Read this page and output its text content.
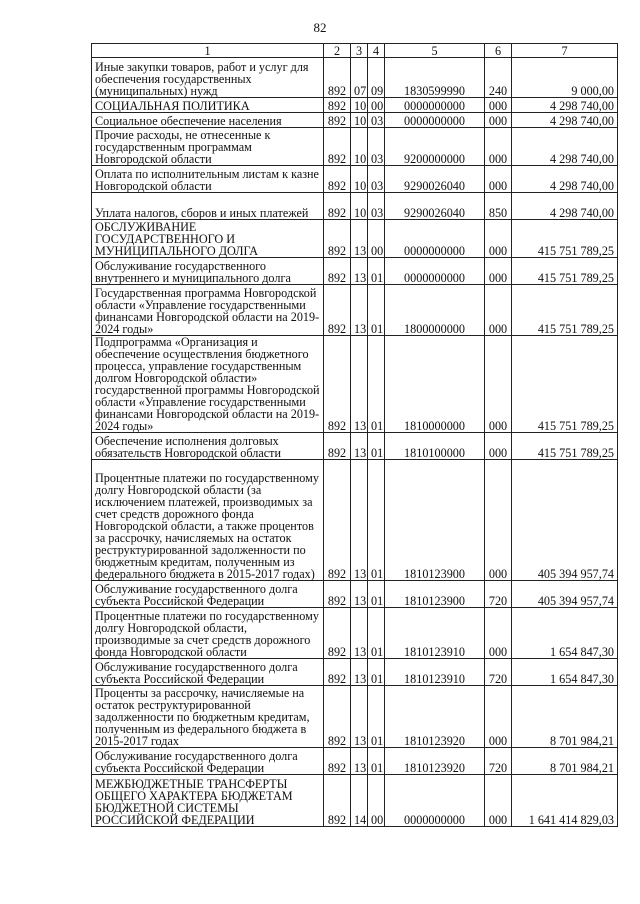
82
1	2	3	4	5	6	7
Иные закупки товаров, работ и услуг для обеспечения государственных (муниципальных) нужд	892	07	09	1830599990	240	9 000,00
СОЦИАЛЬНАЯ ПОЛИТИКА	892	10	00	0000000000	000	4 298 740,00
Социальное обеспечение населения	892	10	03	0000000000	000	4 298 740,00
Прочие расходы, не отнесенные к государственным программам Новгородской области	892	10	03	9200000000	000	4 298 740,00
Оплата по исполнительным листам к казне Новгородской области	892	10	03	9290026040	000	4 298 740,00
Уплата налогов, сборов и иных платежей	892	10	03	9290026040	850	4 298 740,00
ОБСЛУЖИВАНИЕ ГОСУДАРСТВЕННОГО И МУНИЦИПАЛЬНОГО ДОЛГА	892	13	00	0000000000	000	415 751 789,25
Обслуживание государственного внутреннего и муниципального долга	892	13	01	0000000000	000	415 751 789,25
Государственная программа Новгородской области «Управление государственными финансами Новгородской области на 2019-2024 годы»	892	13	01	1800000000	000	415 751 789,25
Подпрограмма «Организация и обеспечение осуществления бюджетного процесса, управление государственным долгом Новгородской области» государственной программы Новгородской области «Управление государственными финансами Новгородской области на 2019-2024 годы»	892	13	01	1810000000	000	415 751 789,25
Обеспечение исполнения долговых обязательств Новгородской области	892	13	01	1810100000	000	415 751 789,25
Процентные платежи по государственному долгу Новгородской области (за исключением платежей, производимых за счет средств дорожного фонда Новгородской области, а также процентов за рассрочку, начисляемых на остаток реструктурированной задолженности по бюджетным кредитам, полученным из федерального бюджета в 2015-2017 годах)	892	13	01	1810123900	000	405 394 957,74
Обслуживание государственного долга субъекта Российской Федерации	892	13	01	1810123900	720	405 394 957,74
Процентные платежи по государственному долгу Новгородской области, производимые за счет средств дорожного фонда Новгородской области	892	13	01	1810123910	000	1 654 847,30
Обслуживание государственного долга субъекта Российской Федерации	892	13	01	1810123910	720	1 654 847,30
Проценты за рассрочку, начисляемые на остаток реструктурированной задолженности по бюджетным кредитам, полученным из федерального бюджета в 2015-2017 годах	892	13	01	1810123920	000	8 701 984,21
Обслуживание государственного долга субъекта Российской Федерации	892	13	01	1810123920	720	8 701 984,21
МЕЖБЮДЖЕТНЫЕ ТРАНСФЕРТЫ ОБЩЕГО ХАРАКТЕРА БЮДЖЕТАМ БЮДЖЕТНОЙ СИСТЕМЫ РОССИЙСКОЙ ФЕДЕРАЦИИ	892	14	00	0000000000	000	1 641 414 829,03
